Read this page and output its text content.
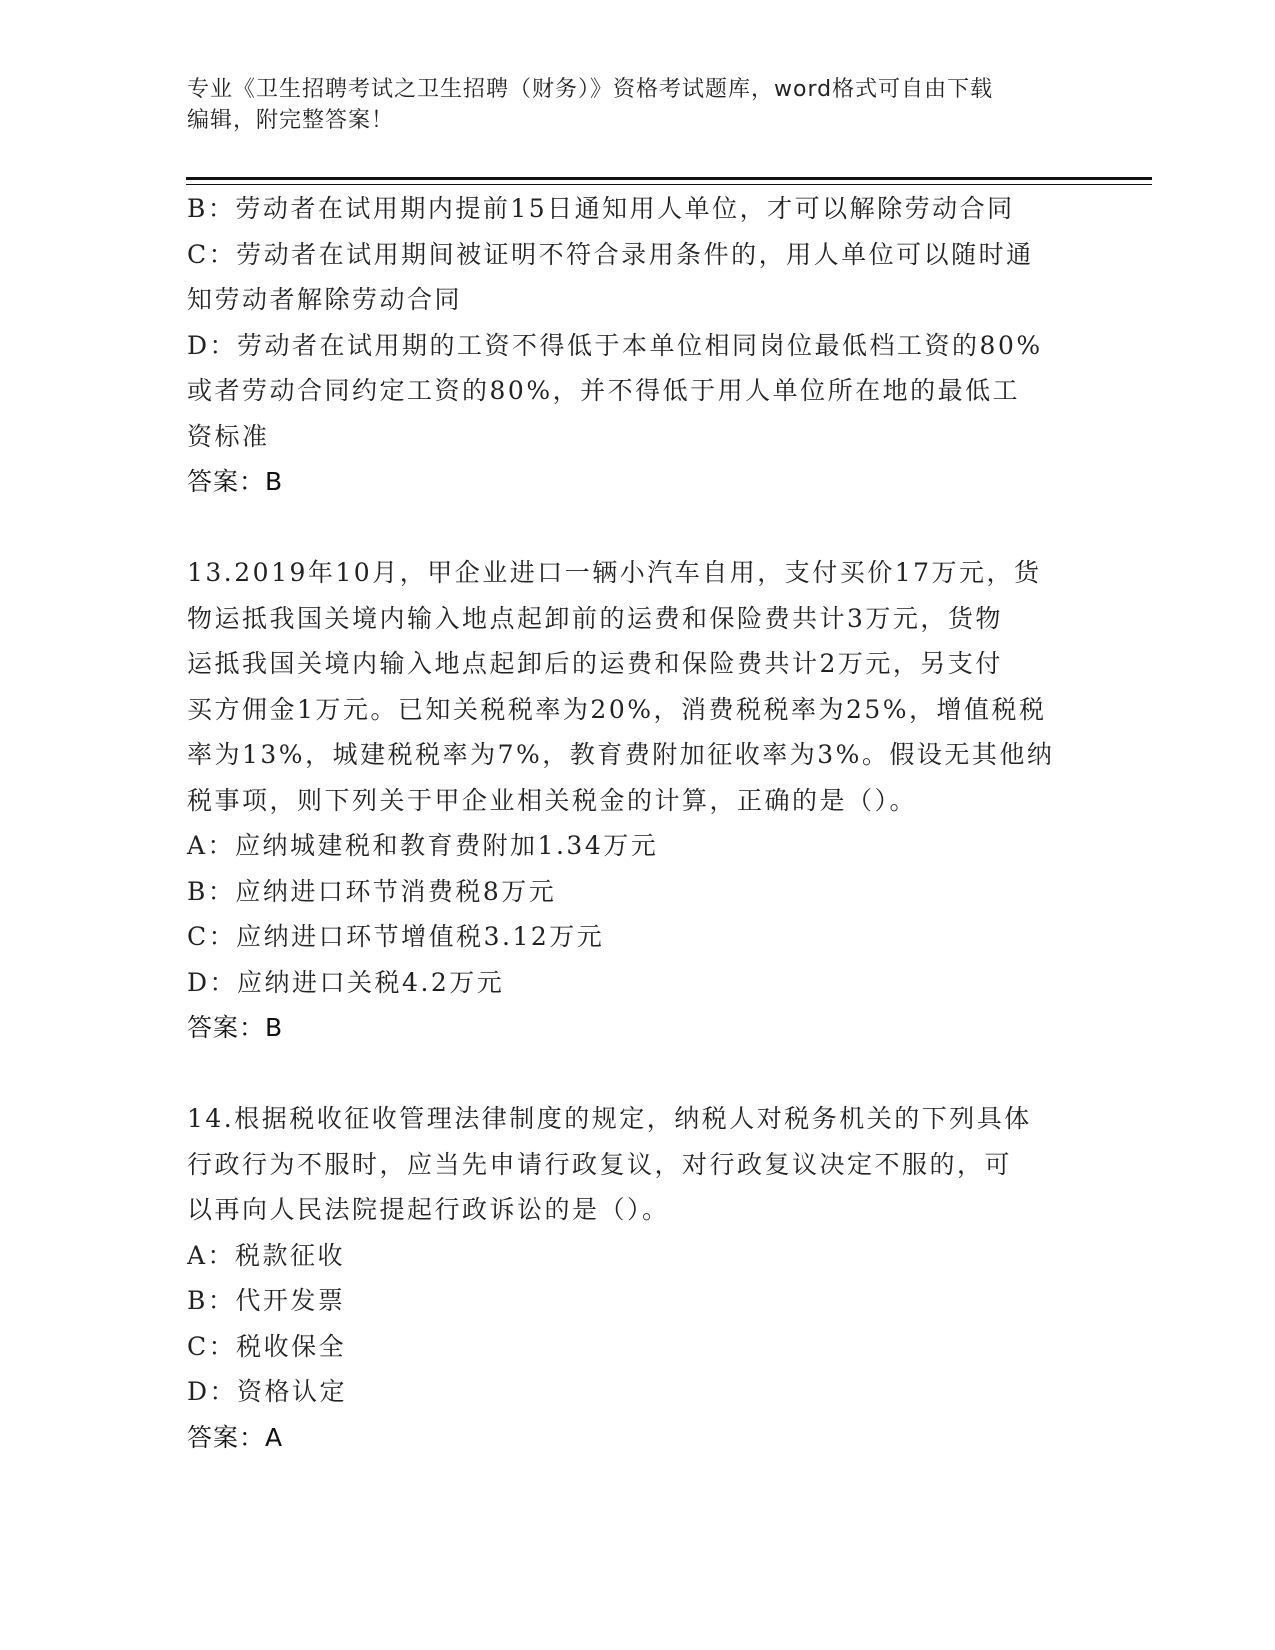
专业《卫生招聘考试之卫生招聘（财务）》资格考试题库，word格式可自由下载
编辑，附完整答案！
B：劳动者在试用期内提前15日通知用人单位，才可以解除劳动合同
C：劳动者在试用期间被证明不符合录用条件的，用人单位可以随时通
知劳动者解除劳动合同
D：劳动者在试用期的工资不得低于本单位相同岗位最低档工资的80%
或者劳动合同约定工资的80%，并不得低于用人单位所在地的最低工
资标准
答案：B
13.2019年10月，甲企业进口一辆小汽车自用，支付买价17万元，货
物运抵我国关境内输入地点起卸前的运费和保险费共计3万元，货物
运抵我国关境内输入地点起卸后的运费和保险费共计2万元，另支付
买方佣金1万元。已知关税税率为20%，消费税税率为25%，增值税税
率为13%，城建税税率为7%，教育费附加征收率为3%。假设无其他纳
税事项，则下列关于甲企业相关税金的计算，正确的是（）。
A：应纳城建税和教育费附加1.34万元
B：应纳进口环节消费税8万元
C：应纳进口环节增值税3.12万元
D：应纳进口关税4.2万元
答案：B
14.根据税收征收管理法律制度的规定，纳税人对税务机关的下列具体
行政行为不服时，应当先申请行政复议，对行政复议决定不服的，可
以再向人民法院提起行政诉讼的是（）。
A：税款征收
B：代开发票
C：税收保全
D：资格认定
答案：A
